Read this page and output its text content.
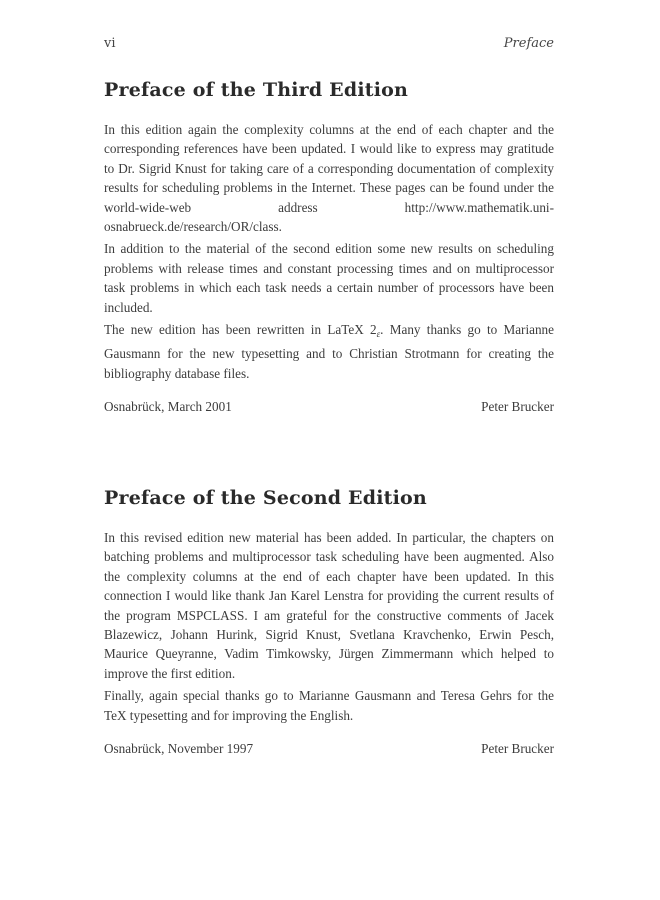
vi	Preface
Preface of the Third Edition

In this edition again the complexity columns at the end of each chapter and the corresponding references have been updated. I would like to express may gratitude to Dr. Sigrid Knust for taking care of a corresponding documentation of complexity results for scheduling problems in the Internet. These pages can be found under the world-wide-web address http://www.mathematik.uni-osnabrueck.de/research/OR/class.

In addition to the material of the second edition some new results on scheduling problems with release times and constant processing times and on multiprocessor task problems in which each task needs a certain number of processors have been included.

The new edition has been rewritten in LaTeX $2_\varepsilon$. Many thanks go to Marianne Gausmann for the new typesetting and to Christian Strotmann for creating the bibliography database files.

Osnabrück, March 2001	Peter Brucker
Preface of the Second Edition

In this revised edition new material has been added. In particular, the chapters on batching problems and multiprocessor task scheduling have been augmented. Also the complexity columns at the end of each chapter have been updated. In this connection I would like thank Jan Karel Lenstra for providing the current results of the program MSPCLASS. I am grateful for the constructive comments of Jacek Blazewicz, Johann Hurink, Sigrid Knust, Svetlana Kravchenko, Erwin Pesch, Maurice Queyranne, Vadim Timkowsky, Jürgen Zimmermann which helped to improve the first edition.

Finally, again special thanks go to Marianne Gausmann and Teresa Gehrs for the TeX typesetting and for improving the English.

Osnabrück, November 1997	Peter Brucker
